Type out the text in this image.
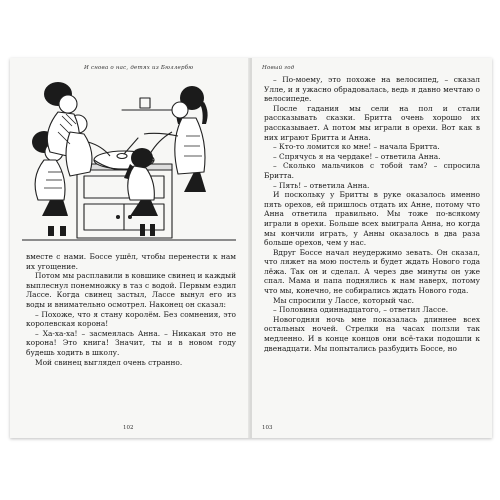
И снова о нас, детях из Бюллербю

вместе с нами. Боссе ушёл, чтобы перенести к нам их угощение.

Потом мы расплавили в ковшике свинец и каждый выплеснул понемножку в таз с водой. Первым ездил Лассе. Когда свинец застыл, Лассе вынул его из воды и внимательно осмотрел. Наконец он сказал:

– Похоже, что я стану королём. Без сомнения, это королевская корона!

– Ха-ха-ха! – засмеялась Анна. – Никакая это не корона! Это книга! Значит, ты и в новом году будешь ходить в школу.

Мой свинец выглядел очень странно.

102
Новый год

– По-моему, это похоже на велосипед, – сказал Улле, и я ужасно обрадовалась, ведь я давно мечтаю о велосипеде.

После гадания мы сели на пол и стали рассказывать сказки. Бритта очень хорошо их рассказывает. А потом мы играли в орехи. Вот как в них играют Бритта и Анна.

– Кто-то ломится ко мне! – начала Бритта.

– Спрячусь я на чердаке! – ответила Анна.

– Сколько мальчиков с тобой там? – спросила Бритта.

– Пять! – ответила Анна.

И поскольку у Бритты в руке оказалось именно пять орехов, ей пришлось отдать их Анне, потому что Анна ответила правильно. Мы тоже по-всякому играли в орехи. Больше всех выиграла Анна, но когда мы кончили играть, у Анны оказалось в два раза больше орехов, чем у нас.

Вдруг Боссе начал неудержимо зевать. Он сказал, что ляжет на мою постель и будет ждать Нового года лёжа. Так он и сделал. А через две минуты он уже спал. Мама и папа поднялись к нам наверх, потому что мы, конечно, не собирались ждать Нового года.

Мы спросили у Лассе, который час.

– Половина одиннадцатого, – ответил Лассе.

Новогодняя ночь мне показалась длиннее всех остальных ночей. Стрелки на часах ползли так медленно. И в конце концов они всё-таки подошли к двенадцати. Мы попытались разбудить Боссе, но

103
